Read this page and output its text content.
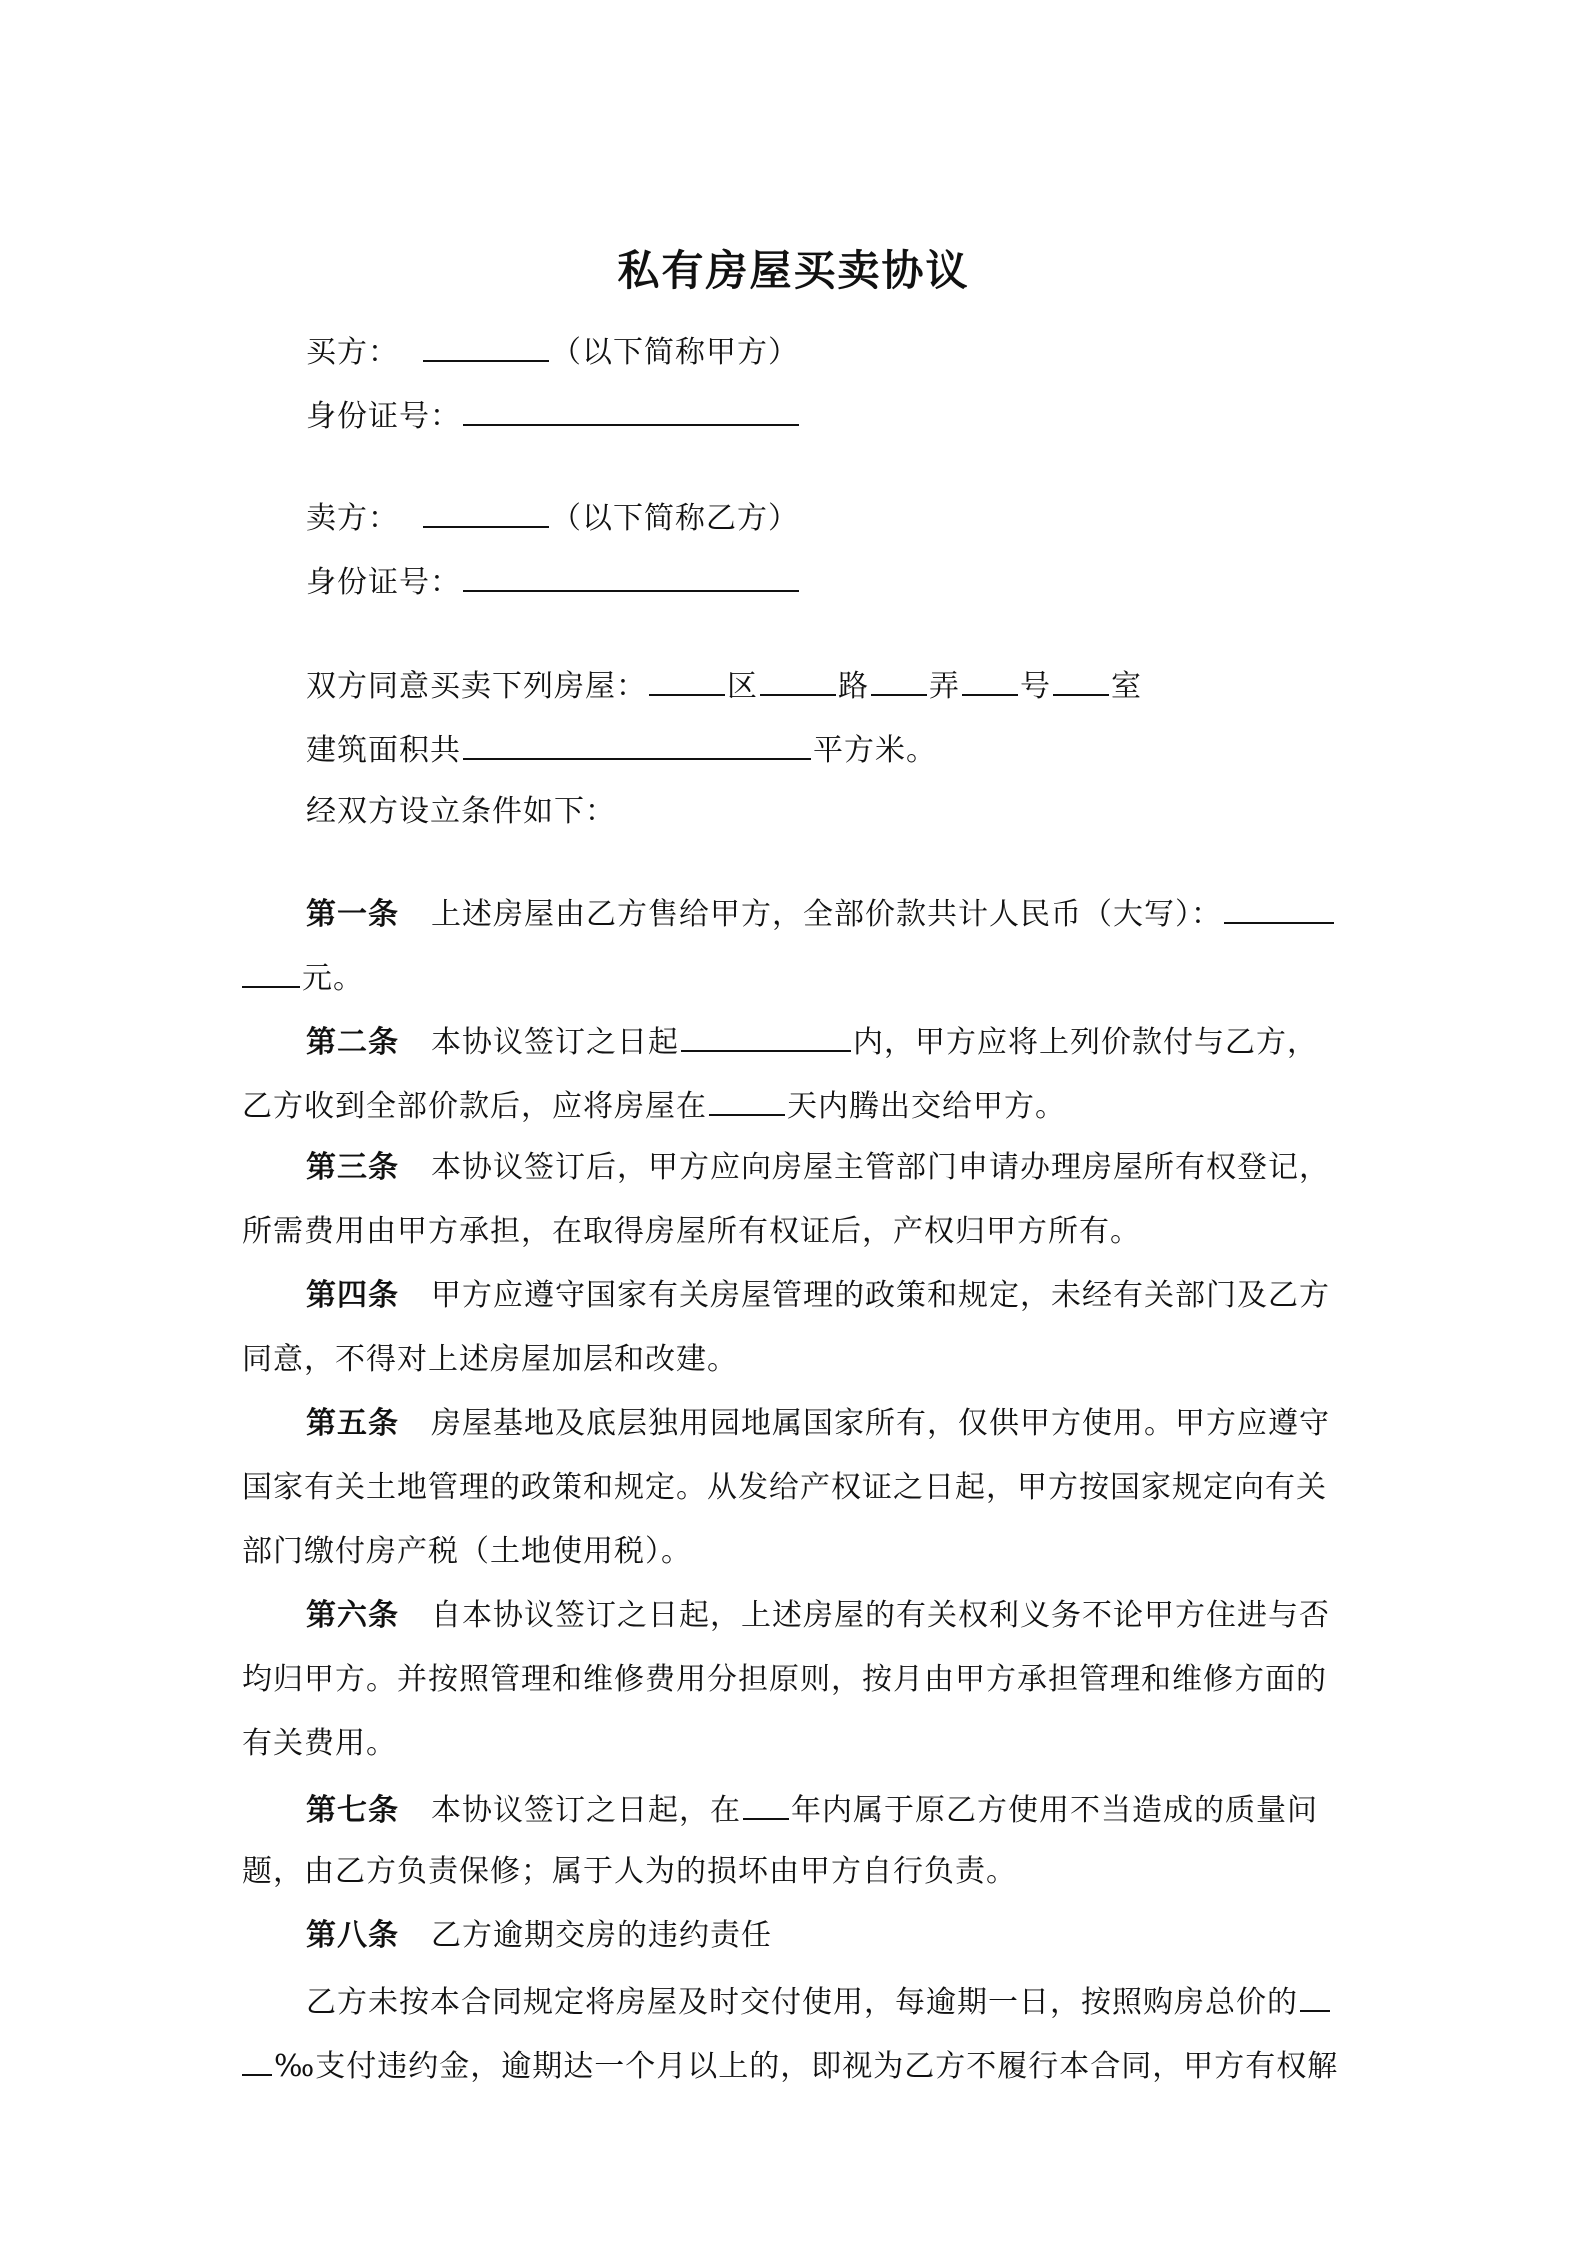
私有房屋买卖协议
买方：	（以下简称甲方）
身份证号：
卖方：	（以下简称乙方）
身份证号：
双方同意买卖下列房屋：	区	路 弄 号 室
建筑面积共	平方米。
经双方设立条件如下：
第一条 上述房屋由乙方售给甲方，全部价款共计人民币（大写）：
元。
第二条 本协议签订之日起	内，甲方应将上列价款付与乙方，
乙方收到全部价款后，应将房屋在	天内腾出交给甲方。
第三条 本协议签订后，甲方应向房屋主管部门申请办理房屋所有权登记，
所需费用由甲方承担，在取得房屋所有权证后，产权归甲方所有。
第四条 甲方应遵守国家有关房屋管理的政策和规定，未经有关部门及乙方
同意，不得对上述房屋加层和改建。
第五条 房屋基地及底层独用园地属国家所有，仅供甲方使用。甲方应遵守
国家有关土地管理的政策和规定。从发给产权证之日起，甲方按国家规定向有关
部门缴付房产税（土地使用税）。
第六条 自本协议签订之日起，上述房屋的有关权利义务不论甲方住进与否
均归甲方。并按照管理和维修费用分担原则，按月由甲方承担管理和维修方面的
有关费用。
第七条 本协议签订之日起，在 年内属于原乙方使用不当造成的质量问
题，由乙方负责保修；属于人为的损坏由甲方自行负责。
第八条 乙方逾期交房的违约责任
乙方未按本合同规定将房屋及时交付使用，每逾期一日，按照购房总价的
‰支付违约金，逾期达一个月以上的，即视为乙方不履行本合同，甲方有权解
